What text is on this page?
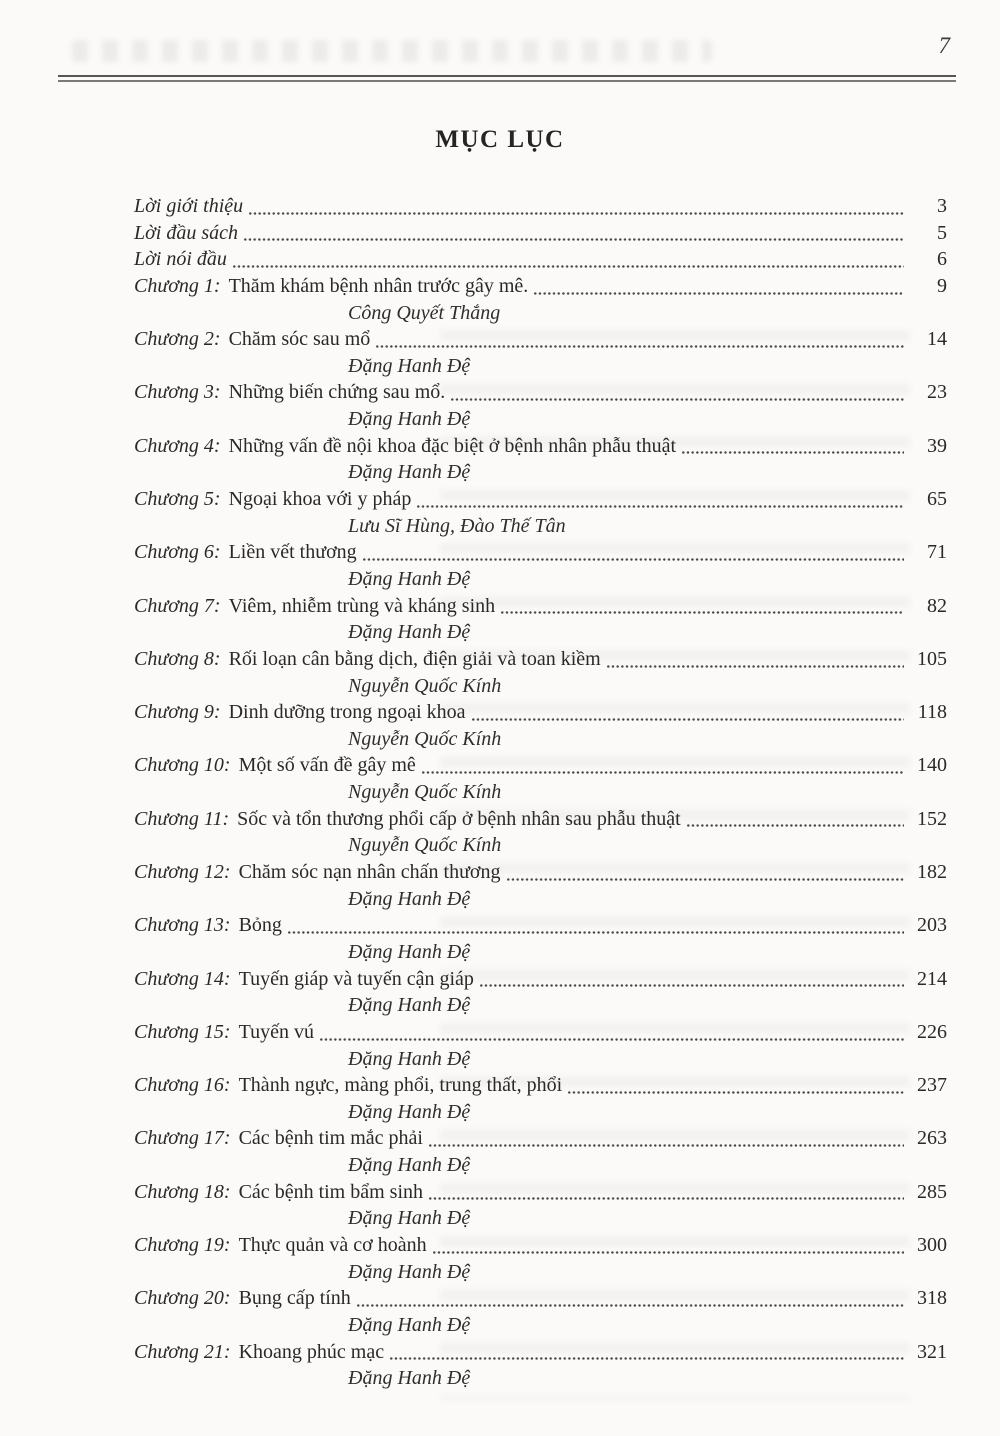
7
MỤC LỤC
Lời giới thiệu	3
Lời đầu sách	5
Lời nói đầu	6
Chương 1: Thăm khám bệnh nhân trước gây mê.	9
Công Quyết Thắng
Chương 2: Chăm sóc sau mổ	14
Đặng Hanh Đệ
Chương 3: Những biến chứng sau mổ.	23
Đặng Hanh Đệ
Chương 4: Những vấn đề nội khoa đặc biệt ở bệnh nhân phẫu thuật	39
Đặng Hanh Đệ
Chương 5: Ngoại khoa với y pháp	65
Lưu Sĩ Hùng, Đào Thế Tân
Chương 6: Liền vết thương	71
Đặng Hanh Đệ
Chương 7: Viêm, nhiễm trùng và kháng sinh	82
Đặng Hanh Đệ
Chương 8: Rối loạn cân bằng dịch, điện giải và toan kiềm	105
Nguyễn Quốc Kính
Chương 9: Dinh dưỡng trong ngoại khoa	118
Nguyễn Quốc Kính
Chương 10: Một số vấn đề gây mê	140
Nguyễn Quốc Kính
Chương 11: Sốc và tổn thương phổi cấp ở bệnh nhân sau phẫu thuật	152
Nguyễn Quốc Kính
Chương 12: Chăm sóc nạn nhân chấn thương	182
Đặng Hanh Đệ
Chương 13: Bỏng	203
Đặng Hanh Đệ
Chương 14: Tuyến giáp và tuyến cận giáp	214
Đặng Hanh Đệ
Chương 15: Tuyến vú	226
Đặng Hanh Đệ
Chương 16: Thành ngực, màng phổi, trung thất, phổi	237
Đặng Hanh Đệ
Chương 17: Các bệnh tim mắc phải	263
Đặng Hanh Đệ
Chương 18: Các bệnh tim bẩm sinh	285
Đặng Hanh Đệ
Chương 19: Thực quản và cơ hoành	300
Đặng Hanh Đệ
Chương 20: Bụng cấp tính	318
Đặng Hanh Đệ
Chương 21: Khoang phúc mạc	321
Đặng Hanh Đệ
